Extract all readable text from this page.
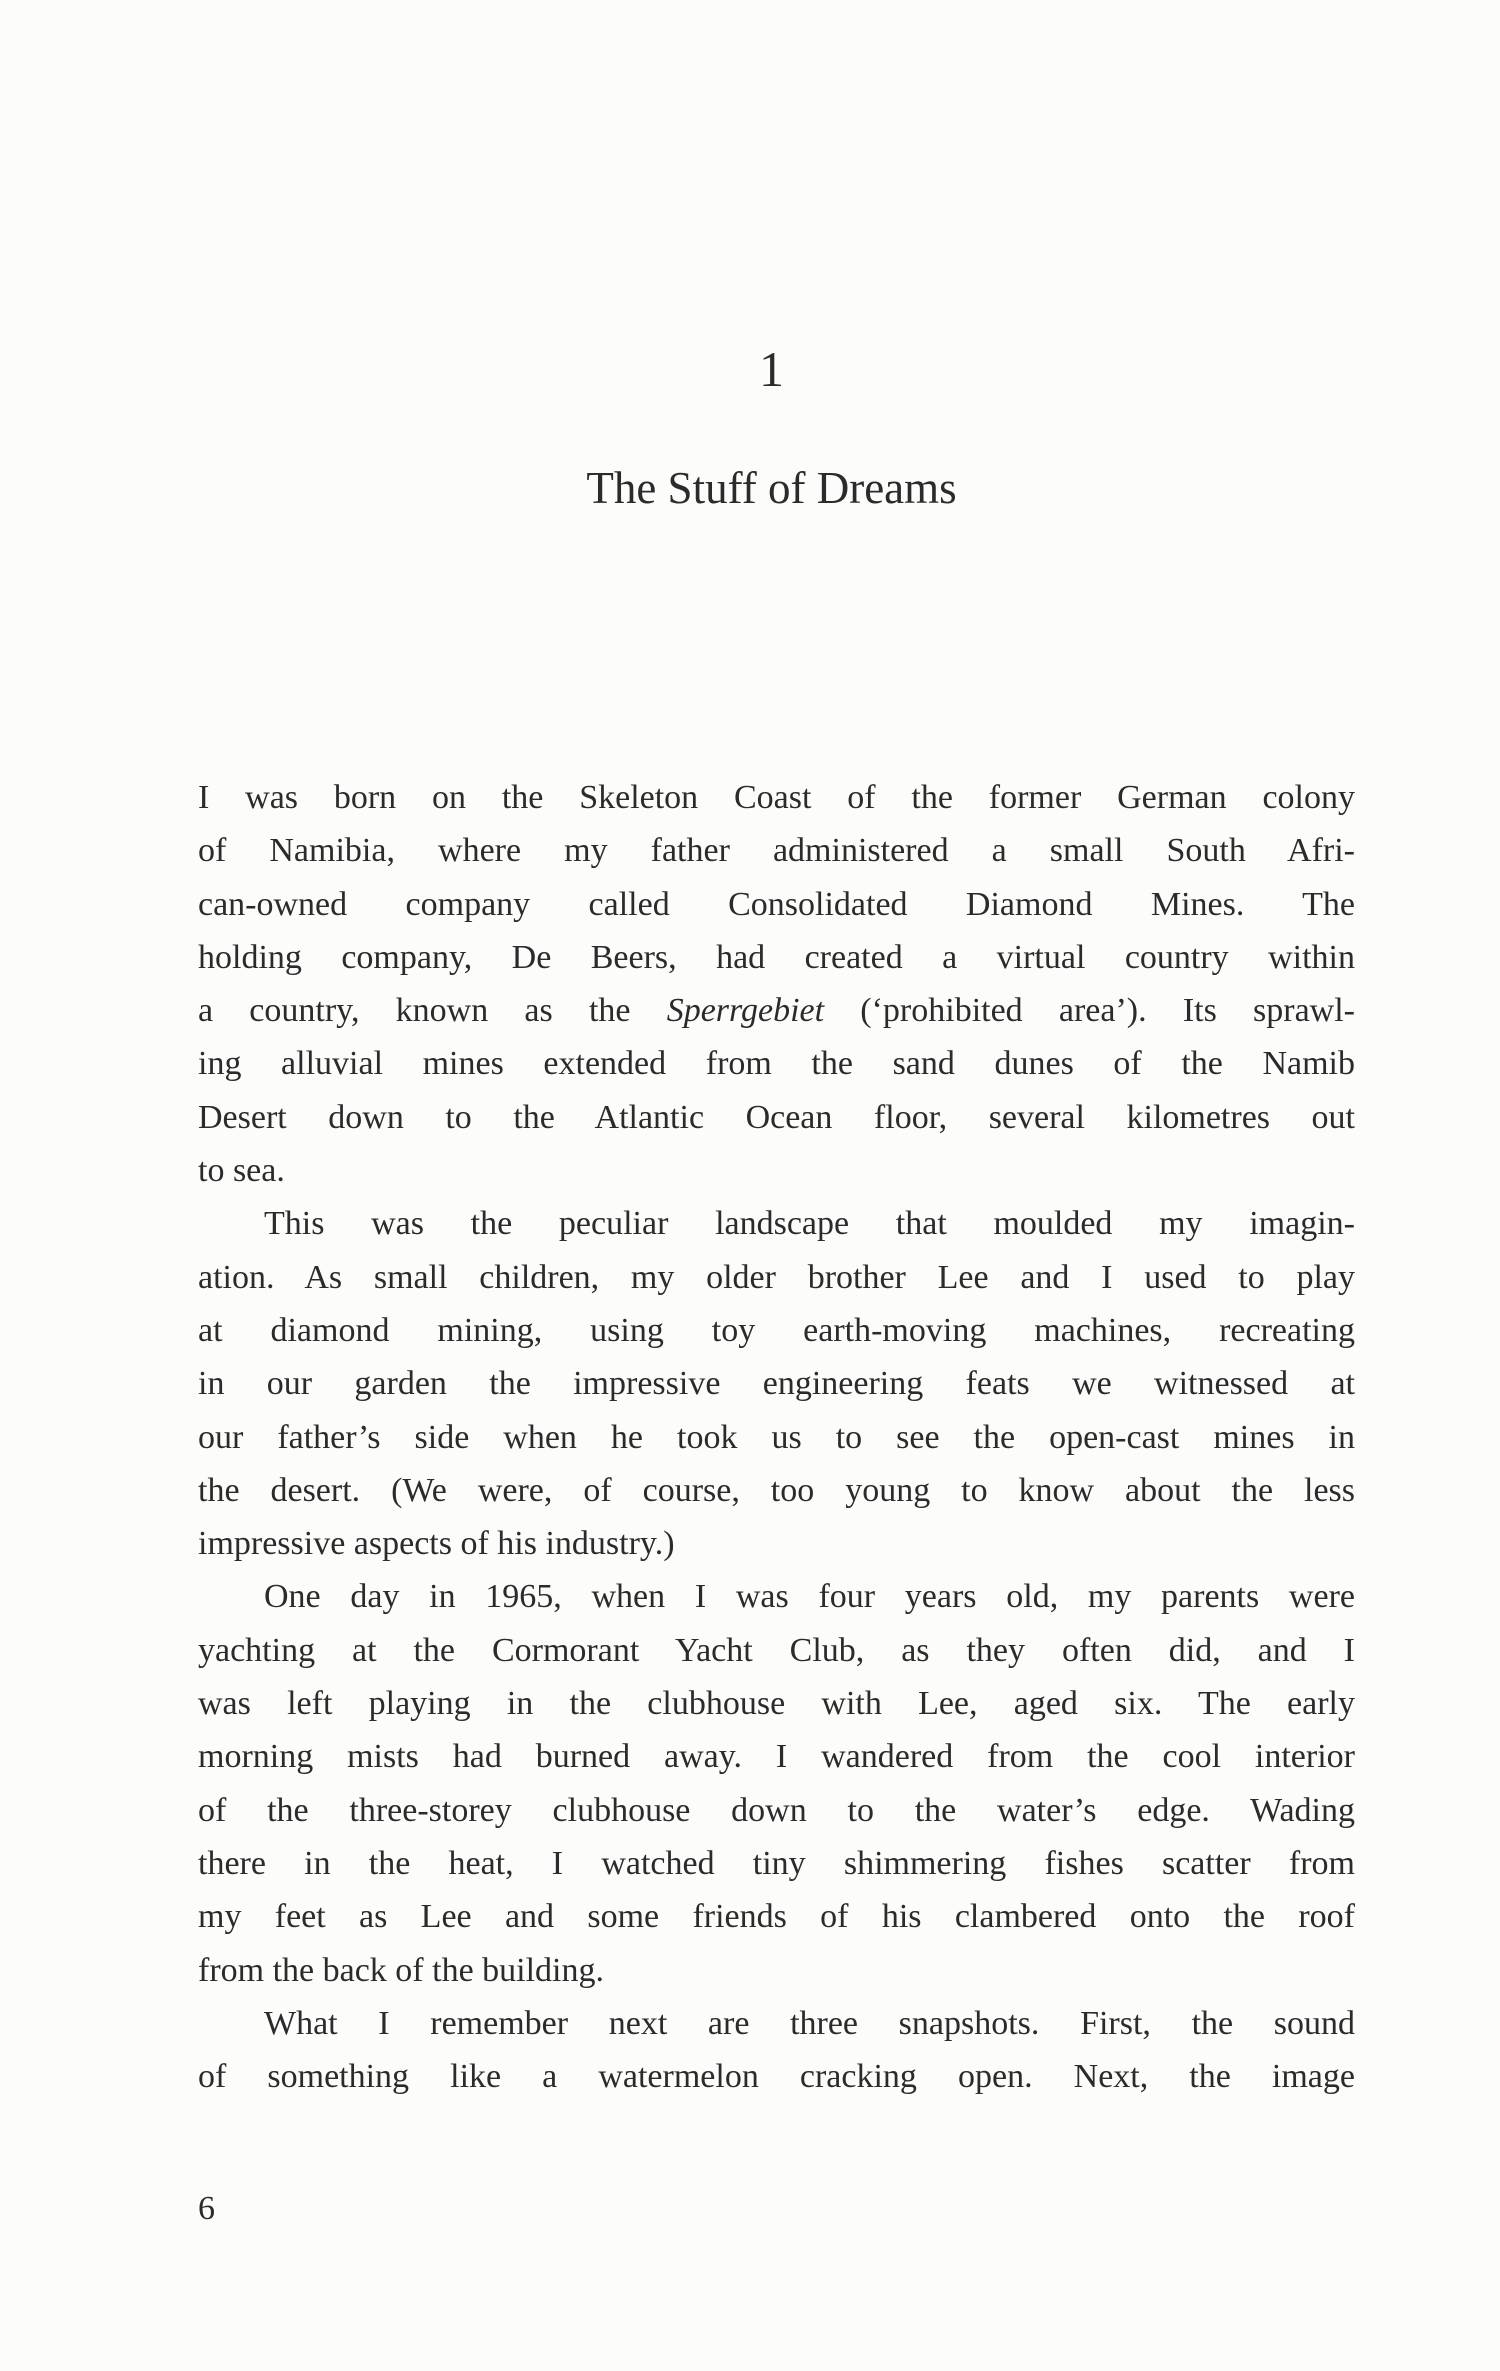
1
The Stuff of Dreams
I was born on the Skeleton Coast of the former German colony
of Namibia, where my father administered a small South Afri-
can-owned company called Consolidated Diamond Mines. The
holding company, De Beers, had created a virtual country within
a country, known as the Sperrgebiet (‘prohibited area’). Its sprawl-
ing alluvial mines extended from the sand dunes of the Namib
Desert down to the Atlantic Ocean floor, several kilometres out
to sea.
This was the peculiar landscape that moulded my imagin-
ation. As small children, my older brother Lee and I used to play
at diamond mining, using toy earth-moving machines, recreating
in our garden the impressive engineering feats we witnessed at
our father’s side when he took us to see the open-cast mines in
the desert. (We were, of course, too young to know about the less
impressive aspects of his industry.)
One day in 1965, when I was four years old, my parents were
yachting at the Cormorant Yacht Club, as they often did, and I
was left playing in the clubhouse with Lee, aged six. The early
morning mists had burned away. I wandered from the cool interior
of the three-storey clubhouse down to the water’s edge. Wading
there in the heat, I watched tiny shimmering fishes scatter from
my feet as Lee and some friends of his clambered onto the roof
from the back of the building.
What I remember next are three snapshots. First, the sound
of something like a watermelon cracking open. Next, the image
6
